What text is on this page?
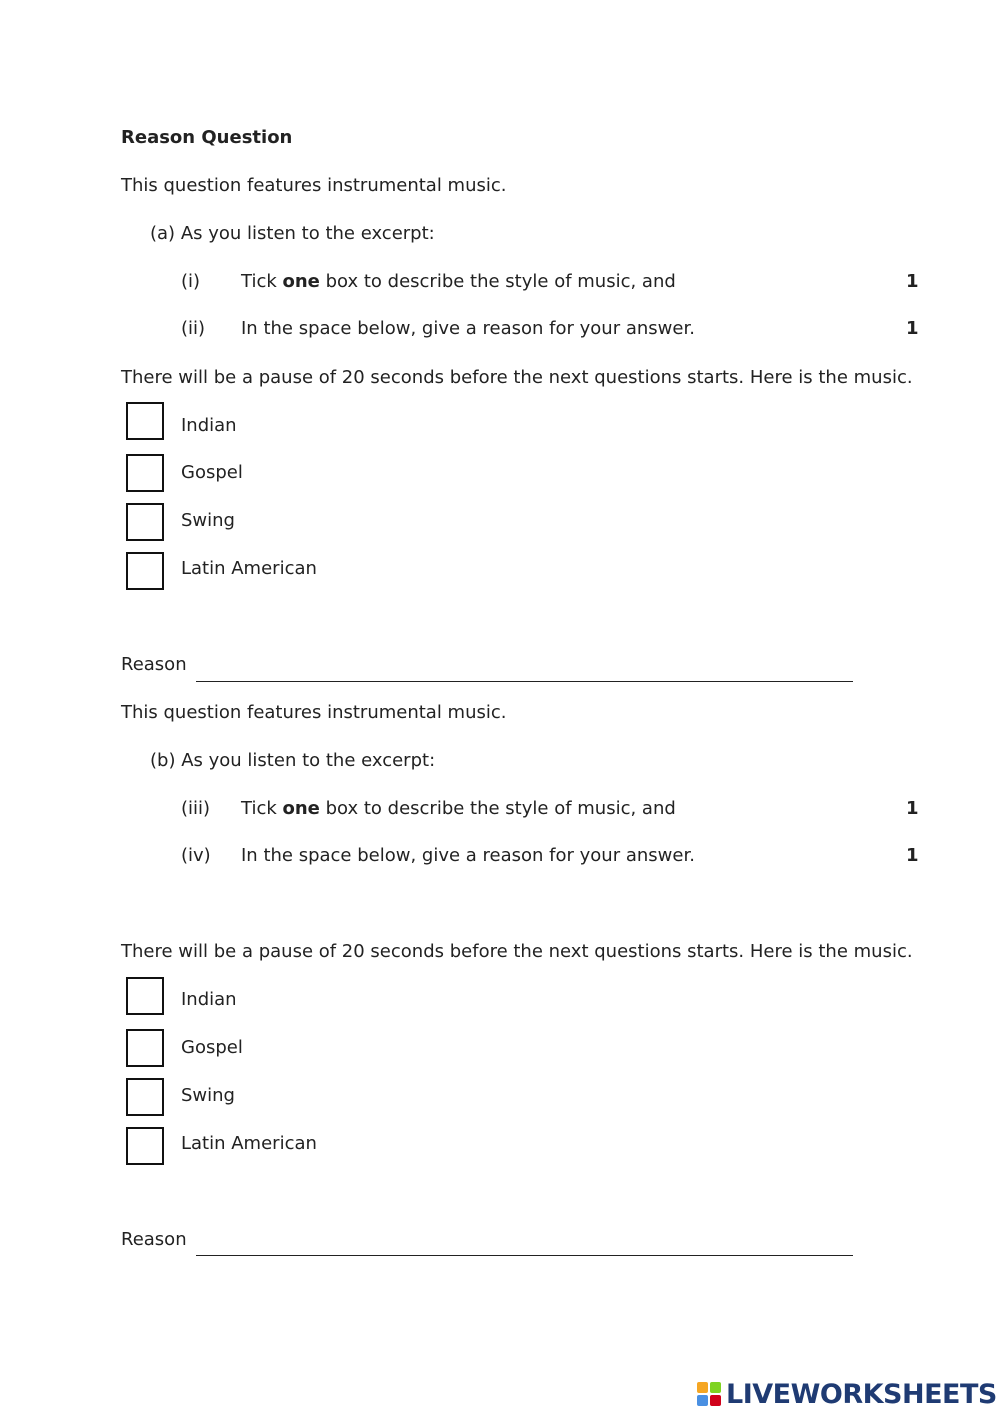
Reason Question
This question features instrumental music.
(a) As you listen to the excerpt:
(i) Tick one box to describe the style of music, and	1
(ii) In the space below, give a reason for your answer.	1
There will be a pause of 20 seconds before the next questions starts. Here is the music.
Indian
Gospel
Swing
Latin American
Reason
This question features instrumental music.
(b) As you listen to the excerpt:
(iii) Tick one box to describe the style of music, and	1
(iv) In the space below, give a reason for your answer.	1
There will be a pause of 20 seconds before the next questions starts. Here is the music.
Indian
Gospel
Swing
Latin American
Reason
LIVEWORKSHEETS
